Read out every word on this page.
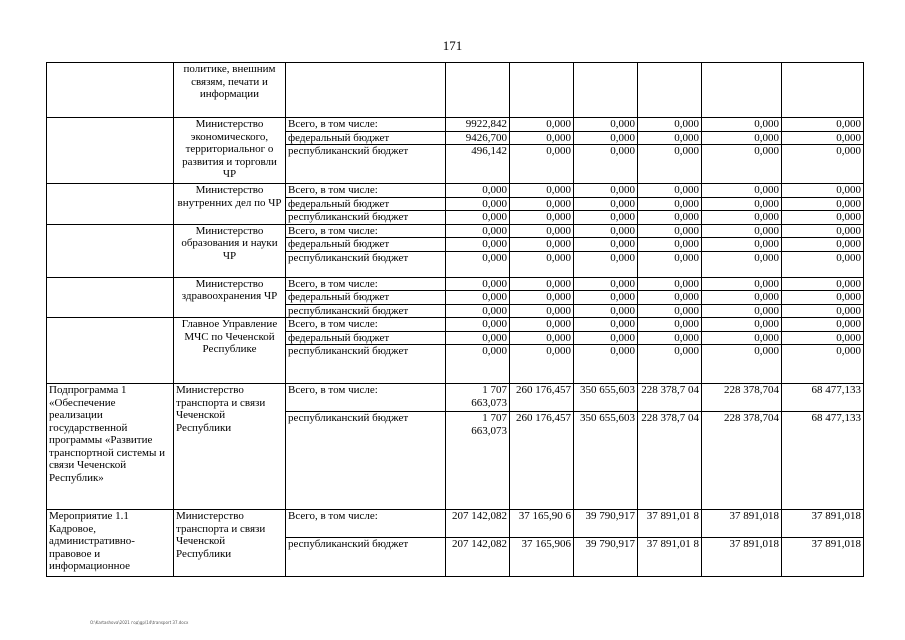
171
	политике, внешним связям, печати и информации							
	Министерство экономического, территориальног о развития и торговли ЧР	Всего, в том числе:	9922,842	0,000	0,000	0,000	0,000	0,000
		федеральный бюджет	9426,700	0,000	0,000	0,000	0,000	0,000
		республиканский бюджет	496,142	0,000	0,000	0,000	0,000	0,000
	Министерство внутренних дел по ЧР	Всего, в том числе:	0,000	0,000	0,000	0,000	0,000	0,000
		федеральный бюджет	0,000	0,000	0,000	0,000	0,000	0,000
		республиканский бюджет	0,000	0,000	0,000	0,000	0,000	0,000
	Министерство образования и науки ЧР	Всего, в том числе:	0,000	0,000	0,000	0,000	0,000	0,000
		федеральный бюджет	0,000	0,000	0,000	0,000	0,000	0,000
		республиканский бюджет	0,000	0,000	0,000	0,000	0,000	0,000
	Министерство здравоохранения ЧР	Всего, в том числе:	0,000	0,000	0,000	0,000	0,000	0,000
		федеральный бюджет	0,000	0,000	0,000	0,000	0,000	0,000
		республиканский бюджет	0,000	0,000	0,000	0,000	0,000	0,000
	Главное Управление МЧС по Чеченской Республике	Всего, в том числе:	0,000	0,000	0,000	0,000	0,000	0,000
		федеральный бюджет	0,000	0,000	0,000	0,000	0,000	0,000
		республиканский бюджет	0,000	0,000	0,000	0,000	0,000	0,000
Подпрограмма 1 «Обеспечение реализации государственной программы «Развитие транспортной системы и связи Чеченской Республик»	Министерство транспорта и связи Чеченской Республики	Всего, в том числе:	1 707 663,073	260 176,457	350 655,603	228 378,7 04	228 378,704	68 477,133
		республиканский бюджет	1 707 663,073	260 176,457	350 655,603	228 378,7 04	228 378,704	68 477,133
Мероприятие 1.1 Кадровое, административно-правовое и информационное	Министерство транспорта и связи Чеченской Республики	Всего, в том числе:	207 142,082	37 165,90 6	39 790,917	37 891,01 8	37 891,018	37 891,018
		республиканский бюджет	207 142,082	37 165,906	39 790,917	37 891,01 8	37 891,018	37 891,018
O:\Kartashova\2021 год\gp\14\transport 37.docx
